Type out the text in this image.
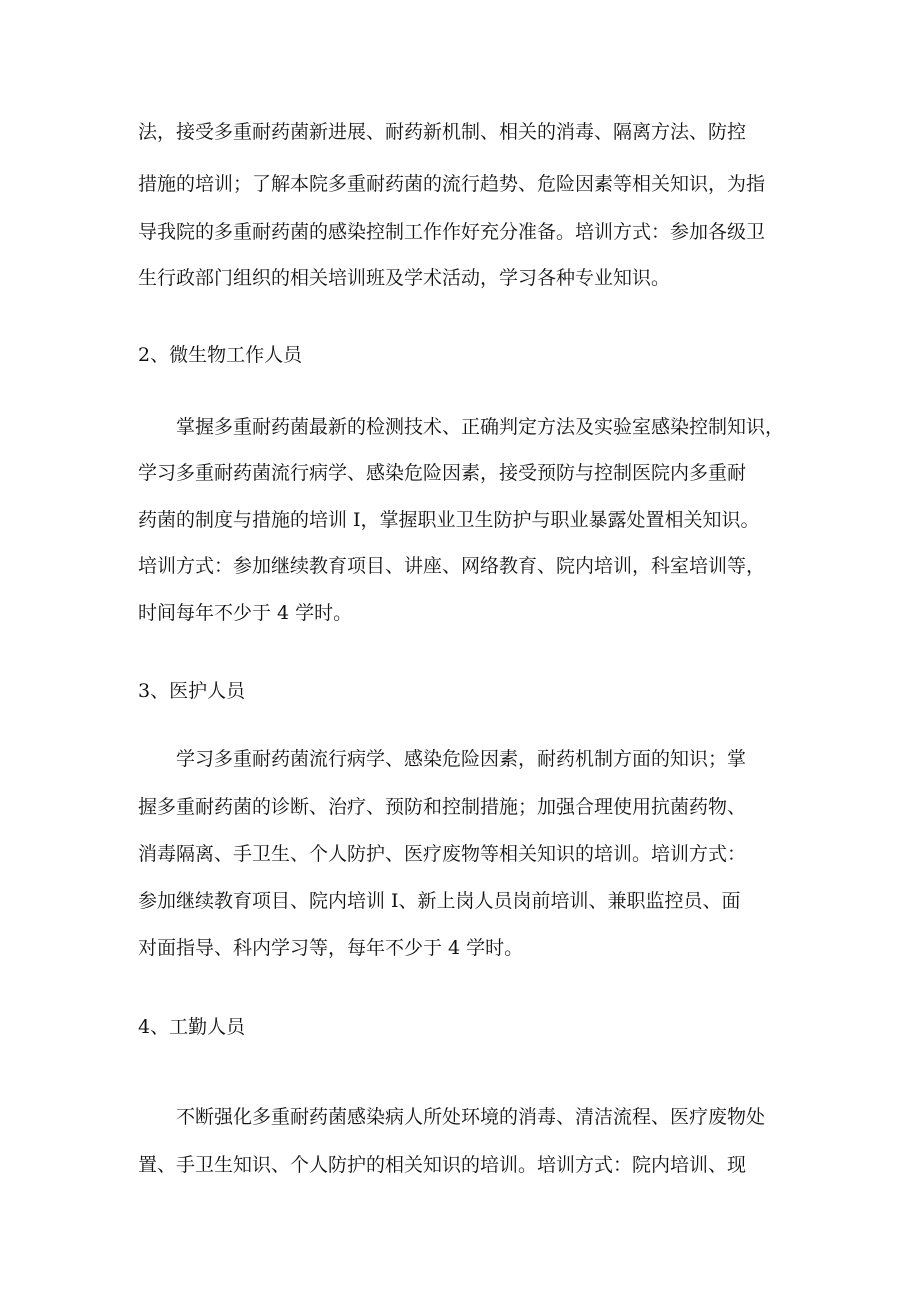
法，接受多重耐药菌新进展、耐药新机制、相关的消毒、隔离方法、防控
措施的培训；了解本院多重耐药菌的流行趋势、危险因素等相关知识，为指
导我院的多重耐药菌的感染控制工作作好充分准备。培训方式：参加各级卫
生行政部门组织的相关培训班及学术活动，学习各种专业知识。
2、微生物工作人员
掌握多重耐药菌最新的检测技术、正确判定方法及实验室感染控制知识，
学习多重耐药菌流行病学、感染危险因素，接受预防与控制医院内多重耐
药菌的制度与措施的培训 I，掌握职业卫生防护与职业暴露处置相关知识。
培训方式：参加继续教育项目、讲座、网络教育、院内培训，科室培训等，
时间每年不少于 4 学时。
3、医护人员
学习多重耐药菌流行病学、感染危险因素，耐药机制方面的知识；掌
握多重耐药菌的诊断、治疗、预防和控制措施；加强合理使用抗菌药物、
消毒隔离、手卫生、个人防护、医疗废物等相关知识的培训。培训方式：
参加继续教育项目、院内培训 I、新上岗人员岗前培训、兼职监控员、面
对面指导、科内学习等，每年不少于 4 学时。
4、工勤人员
不断强化多重耐药菌感染病人所处环境的消毒、清洁流程、医疗废物处
置、手卫生知识、个人防护的相关知识的培训。培训方式：院内培训、现
